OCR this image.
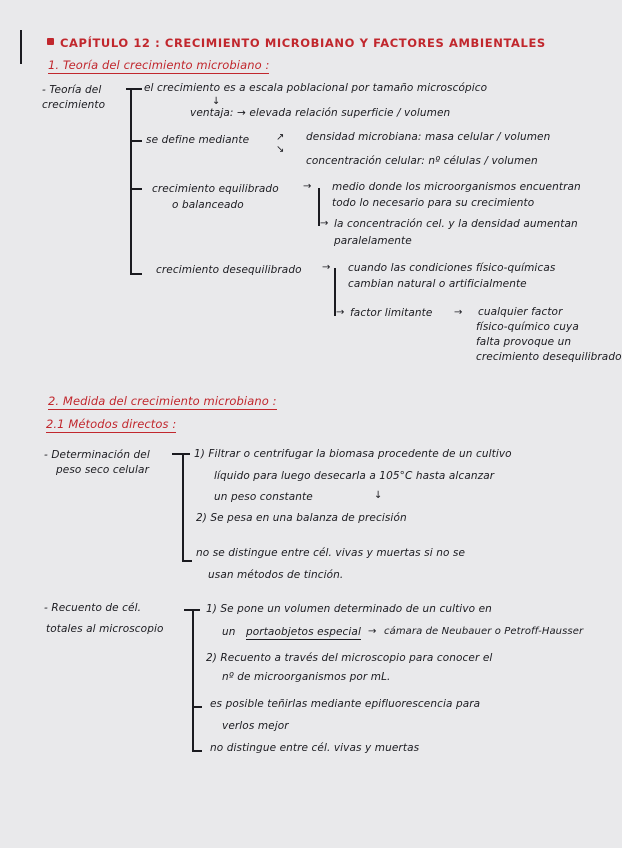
CAPÍTULO 12 : CRECIMIENTO MICROBIANO Y FACTORES AMBIENTALES
1. Teoría del crecimiento microbiano :
- Teoría del
crecimiento
el crecimiento es a escala poblacional por tamaño microscópico
↓
ventaja: → elevada relación superficie / volumen
se define mediante	↗
↘
densidad microbiana: masa celular / volumen
concentración celular: nº células / volumen
crecimiento equilibrado
o balanceado
→ medio donde los microorganismos encuentran
todo lo necesario para su crecimiento
→ la concentración cel. y la densidad aumentan
paralelamente
crecimiento desequilibrado → cuando las condiciones físico-químicas
cambian natural o artificialmente
→ factor limitante → cualquier factor
físico-químico cuya
falta provoque un
crecimiento desequilibrado
2. Medida del crecimiento microbiano :
2.1 Métodos directos :
- Determinación del
peso seco celular
1) Filtrar o centrifugar la biomasa procedente de un cultivo
líquido para luego desecarla a 105°C hasta alcanzar
un peso constante	↓
2) Se pesa en una balanza de precisión
no se distingue entre cél. vivas y muertas si no se
usan métodos de tinción.
- Recuento de cél.
totales al microscopio
1) Se pone un volumen determinado de un cultivo en
un portaobjetos especial → cámara de Neubauer o Petroff-Hausser
2) Recuento a través del microscopio para conocer el
nº de microorganismos por mL.
es posible teñirlas mediante epifluorescencia para
verlos mejor
no distingue entre cél. vivas y muertas
